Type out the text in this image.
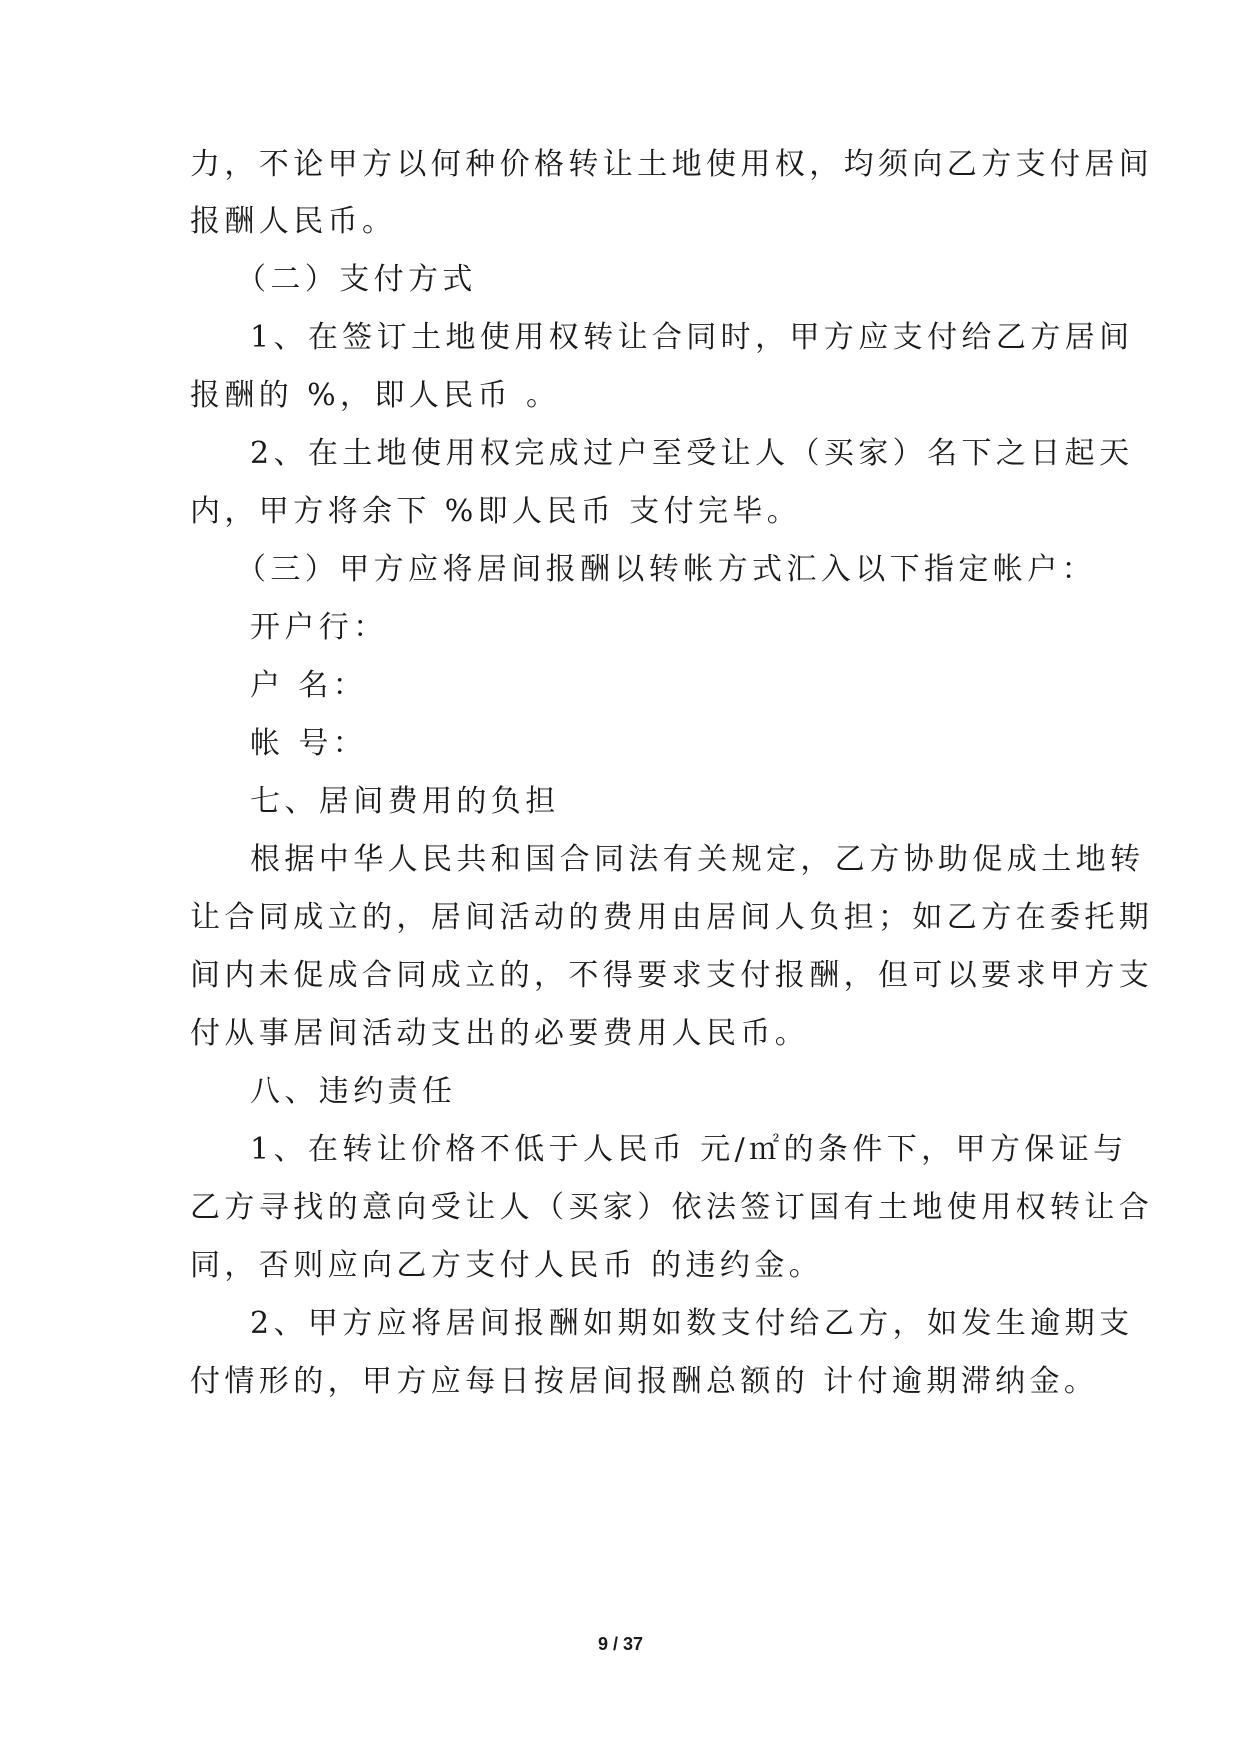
力，不论甲方以何种价格转让土地使用权，均须向乙方支付居间
报酬人民币。
（二）支付方式
1、在签订土地使用权转让合同时，甲方应支付给乙方居间
报酬的 %，即人民币 。
2、在土地使用权完成过户至受让人（买家）名下之日起天
内，甲方将余下 %即人民币 支付完毕。
（三）甲方应将居间报酬以转帐方式汇入以下指定帐户：
开户行：
户 名：
帐 号：
七、居间费用的负担
根据中华人民共和国合同法有关规定，乙方协助促成土地转
让合同成立的，居间活动的费用由居间人负担；如乙方在委托期
间内未促成合同成立的，不得要求支付报酬，但可以要求甲方支
付从事居间活动支出的必要费用人民币。
八、违约责任
1、在转让价格不低于人民币 元/㎡的条件下，甲方保证与
乙方寻找的意向受让人（买家）依法签订国有土地使用权转让合
同，否则应向乙方支付人民币 的违约金。
2、甲方应将居间报酬如期如数支付给乙方，如发生逾期支
付情形的，甲方应每日按居间报酬总额的 计付逾期滞纳金。
9 / 37
